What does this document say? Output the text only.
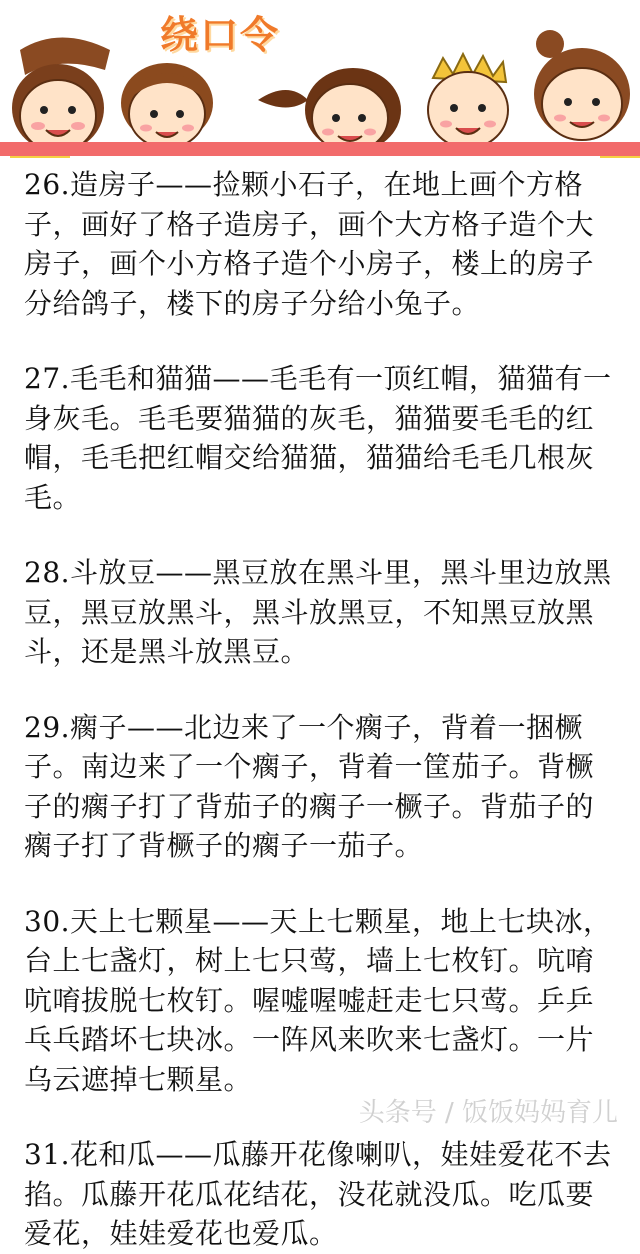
绕口令

26.造房子——捡颗小石子，在地上画个方格子，画好了格子造房子，画个大方格子造个大房子，画个小方格子造个小房子，楼上的房子分给鸽子，楼下的房子分给小兔子。

27.毛毛和猫猫——毛毛有一顶红帽，猫猫有一身灰毛。毛毛要猫猫的灰毛，猫猫要毛毛的红帽，毛毛把红帽交给猫猫，猫猫给毛毛几根灰毛。

28.斗放豆——黑豆放在黑斗里，黑斗里边放黑豆，黑豆放黑斗，黑斗放黑豆，不知黑豆放黑斗，还是黑斗放黑豆。

29.瘸子——北边来了一个瘸子，背着一捆橛子。南边来了一个瘸子，背着一筐茄子。背橛子的瘸子打了背茄子的瘸子一橛子。背茄子的瘸子打了背橛子的瘸子一茄子。

30.天上七颗星——天上七颗星，地上七块冰，台上七盏灯，树上七只莺，墙上七枚钉。吭唷吭唷拔脱七枚钉。喔嘘喔嘘赶走七只莺。乒乒乓乓踏坏七块冰。一阵风来吹来七盏灯。一片乌云遮掉七颗星。

31.花和瓜——瓜藤开花像喇叭，娃娃爱花不去掐。瓜藤开花瓜花结花，没花就没瓜。吃瓜要爱花，娃娃爱花也爱瓜。

头条号 / 饭饭妈妈育儿
